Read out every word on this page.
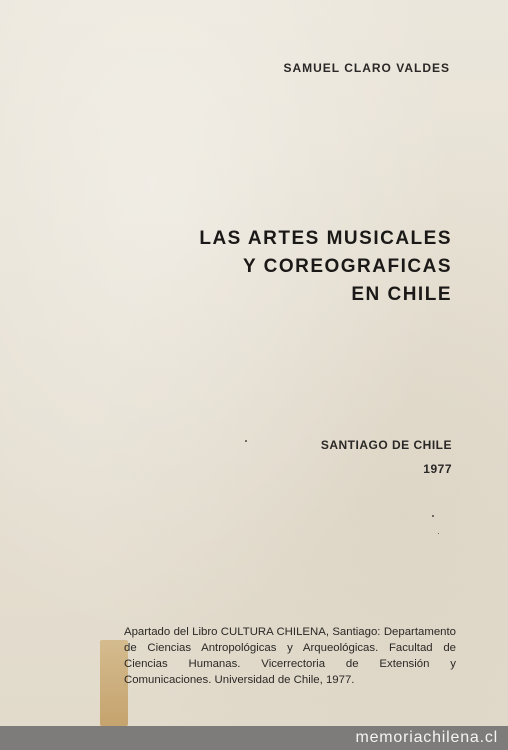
SAMUEL CLARO VALDES
LAS ARTES MUSICALES
Y COREOGRAFICAS
EN CHILE
SANTIAGO DE CHILE
1977
Apartado del Libro CULTURA CHILENA, Santiago: Departamento de Ciencias Antropológicas y Arqueológicas. Facultad de Ciencias Humanas. Vicerrectoria de Extensión y Comunicaciones. Universidad de Chile, 1977.
memoriachilena.cl
